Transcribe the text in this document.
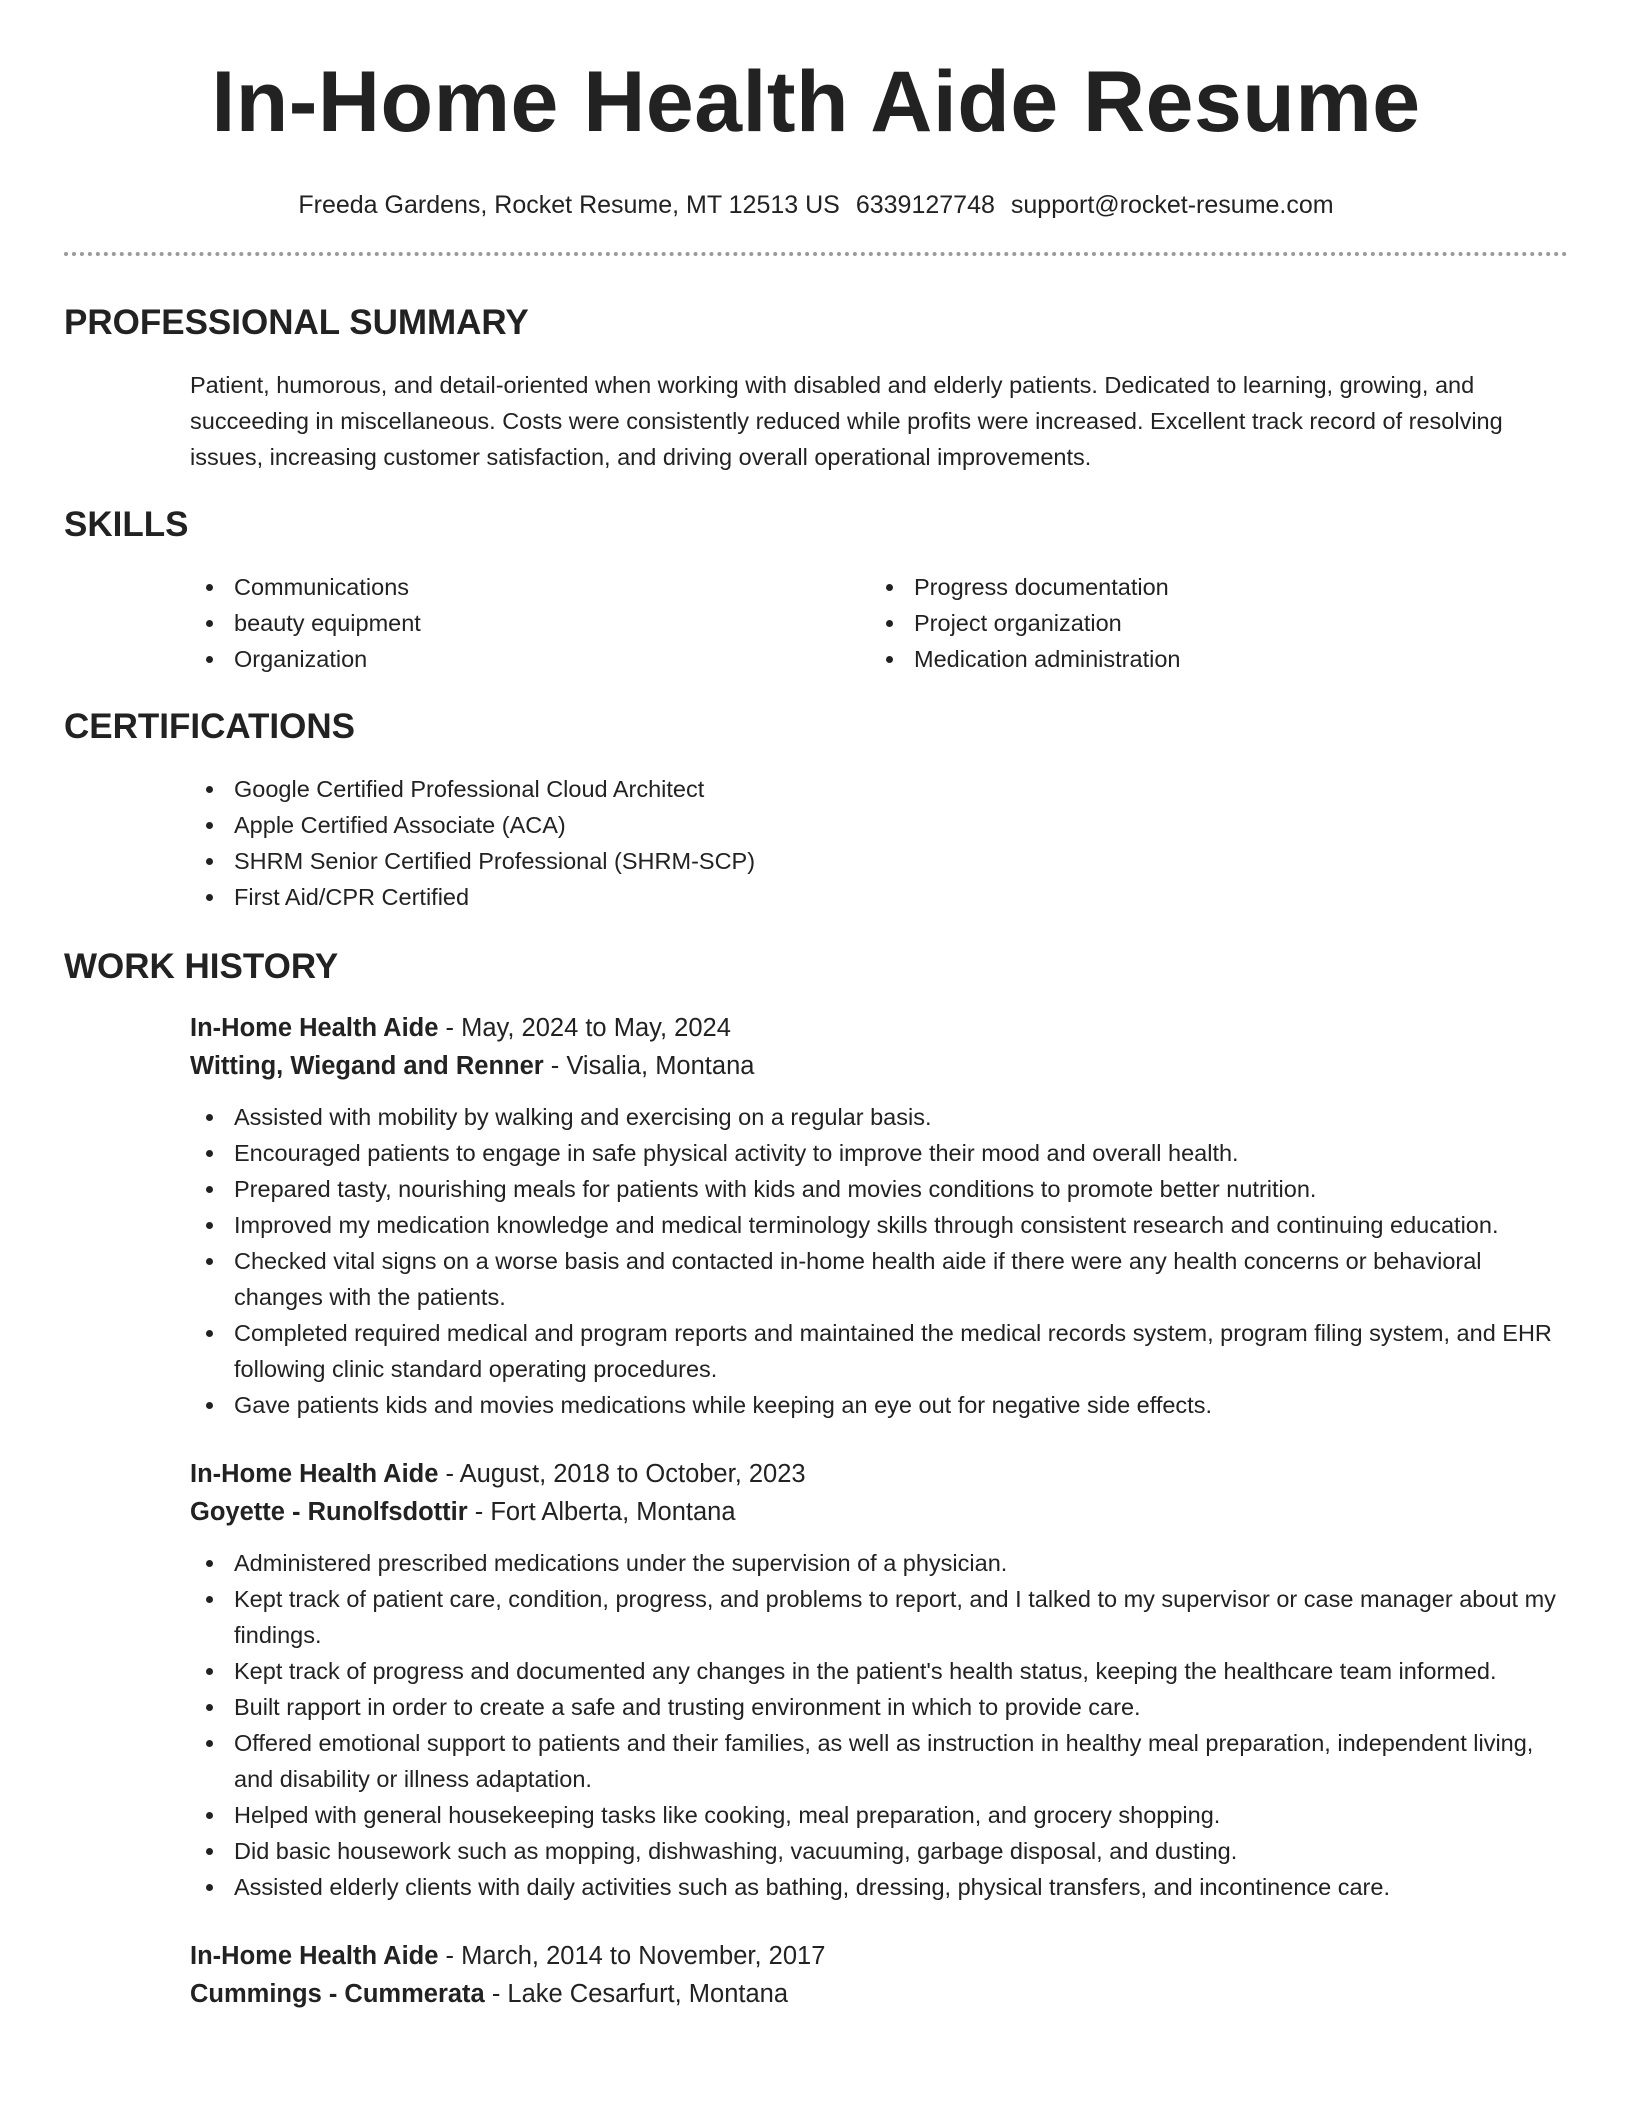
In-Home Health Aide Resume
Freeda Gardens, Rocket Resume, MT 12513 US 6339127748 support@rocket-resume.com
PROFESSIONAL SUMMARY

Patient, humorous, and detail-oriented when working with disabled and elderly patients. Dedicated to learning, growing, and succeeding in miscellaneous. Costs were consistently reduced while profits were increased. Excellent track record of resolving issues, increasing customer satisfaction, and driving overall operational improvements.

SKILLS
Communications
beauty equipment
Organization
Progress documentation
Project organization
Medication administration
CERTIFICATIONS
Google Certified Professional Cloud Architect
Apple Certified Associate (ACA)
SHRM Senior Certified Professional (SHRM-SCP)
First Aid/CPR Certified
WORK HISTORY
In-Home Health Aide - May, 2024 to May, 2024
Witting, Wiegand and Renner - Visalia, Montana
Assisted with mobility by walking and exercising on a regular basis.
Encouraged patients to engage in safe physical activity to improve their mood and overall health.
Prepared tasty, nourishing meals for patients with kids and movies conditions to promote better nutrition.
Improved my medication knowledge and medical terminology skills through consistent research and continuing education.
Checked vital signs on a worse basis and contacted in-home health aide if there were any health concerns or behavioral changes with the patients.
Completed required medical and program reports and maintained the medical records system, program filing system, and EHR following clinic standard operating procedures.
Gave patients kids and movies medications while keeping an eye out for negative side effects.
In-Home Health Aide - August, 2018 to October, 2023
Goyette - Runolfsdottir - Fort Alberta, Montana
Administered prescribed medications under the supervision of a physician.
Kept track of patient care, condition, progress, and problems to report, and I talked to my supervisor or case manager about my findings.
Kept track of progress and documented any changes in the patient's health status, keeping the healthcare team informed.
Built rapport in order to create a safe and trusting environment in which to provide care.
Offered emotional support to patients and their families, as well as instruction in healthy meal preparation, independent living, and disability or illness adaptation.
Helped with general housekeeping tasks like cooking, meal preparation, and grocery shopping.
Did basic housework such as mopping, dishwashing, vacuuming, garbage disposal, and dusting.
Assisted elderly clients with daily activities such as bathing, dressing, physical transfers, and incontinence care.
In-Home Health Aide - March, 2014 to November, 2017
Cummings - Cummerata - Lake Cesarfurt, Montana
